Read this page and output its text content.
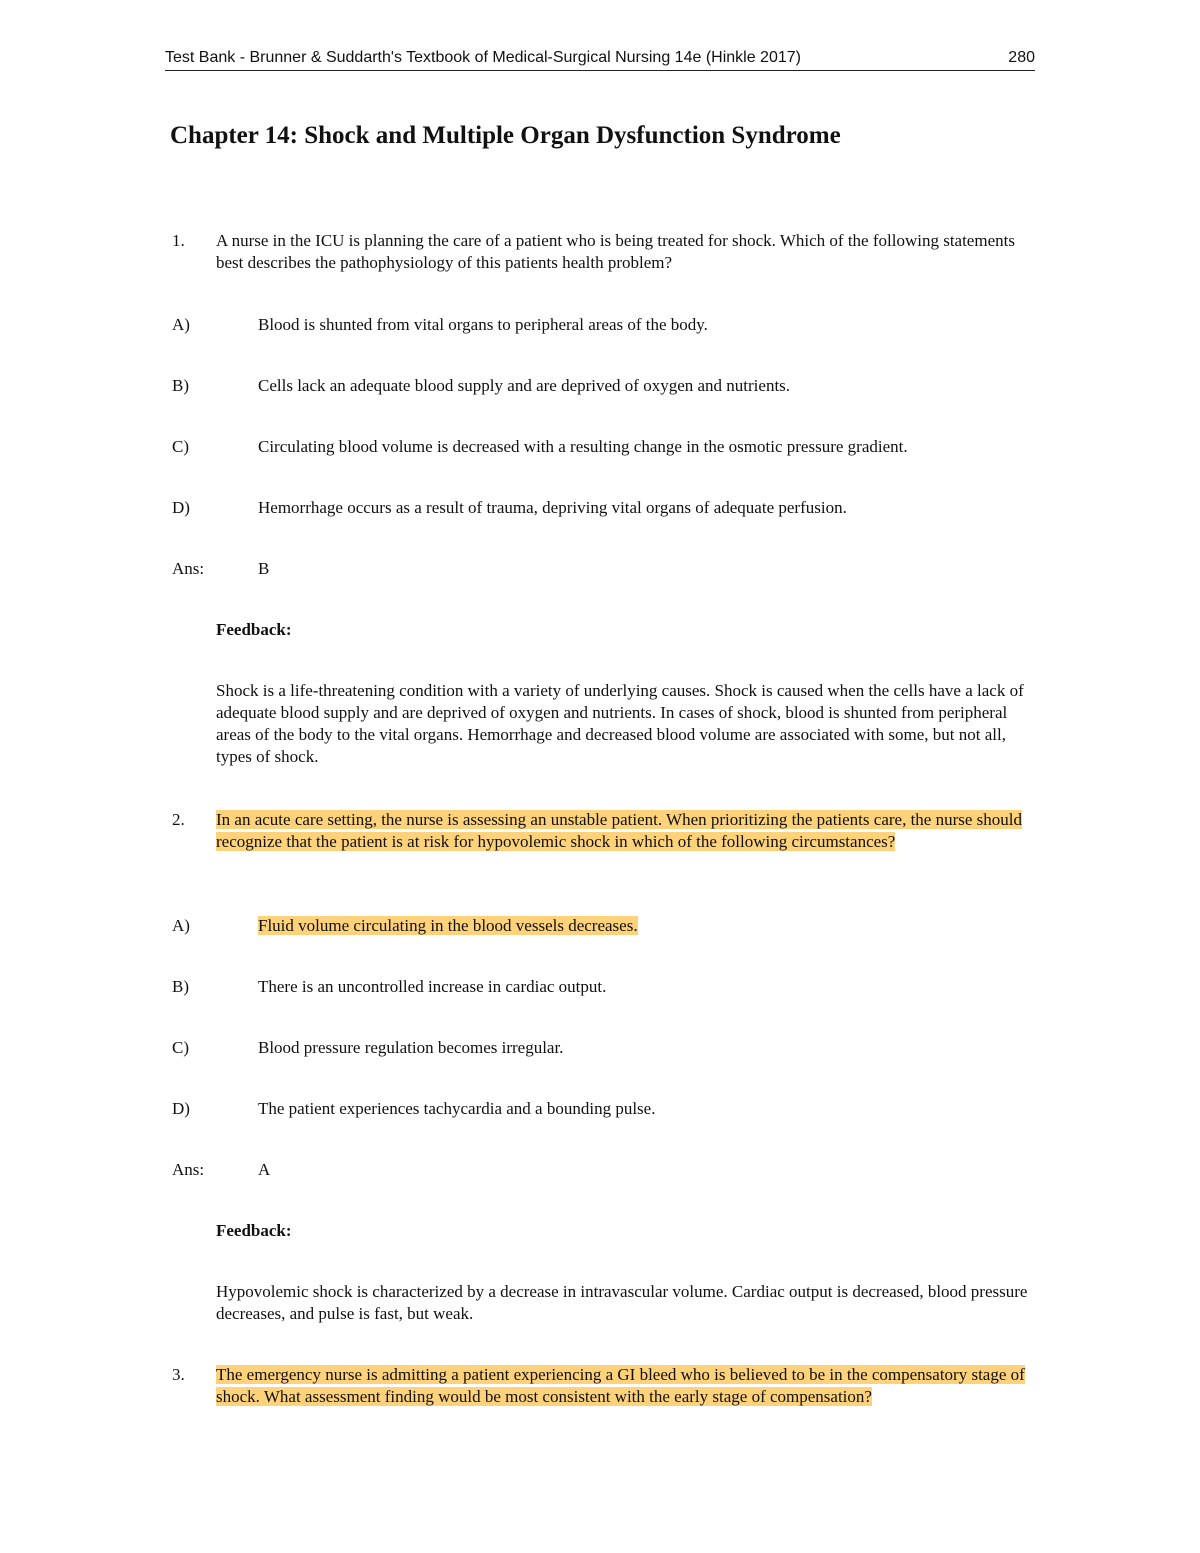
Test Bank - Brunner & Suddarth's Textbook of Medical-Surgical Nursing 14e (Hinkle 2017)	280
Chapter 14: Shock and Multiple Organ Dysfunction Syndrome
1.	A nurse in the ICU is planning the care of a patient who is being treated for shock. Which of the following statements best describes the pathophysiology of this patients health problem?
A)	Blood is shunted from vital organs to peripheral areas of the body.
B)	Cells lack an adequate blood supply and are deprived of oxygen and nutrients.
C)	Circulating blood volume is decreased with a resulting change in the osmotic pressure gradient.
D)	Hemorrhage occurs as a result of trauma, depriving vital organs of adequate perfusion.
Ans:	B
Feedback:
Shock is a life-threatening condition with a variety of underlying causes. Shock is caused when the cells have a lack of adequate blood supply and are deprived of oxygen and nutrients. In cases of shock, blood is shunted from peripheral areas of the body to the vital organs. Hemorrhage and decreased blood volume are associated with some, but not all, types of shock.
2.	In an acute care setting, the nurse is assessing an unstable patient. When prioritizing the patients care, the nurse should recognize that the patient is at risk for hypovolemic shock in which of the following circumstances?
A)	Fluid volume circulating in the blood vessels decreases.
B)	There is an uncontrolled increase in cardiac output.
C)	Blood pressure regulation becomes irregular.
D)	The patient experiences tachycardia and a bounding pulse.
Ans:	A
Feedback:
Hypovolemic shock is characterized by a decrease in intravascular volume. Cardiac output is decreased, blood pressure decreases, and pulse is fast, but weak.
3.	The emergency nurse is admitting a patient experiencing a GI bleed who is believed to be in the compensatory stage of shock. What assessment finding would be most consistent with the early stage of compensation?
